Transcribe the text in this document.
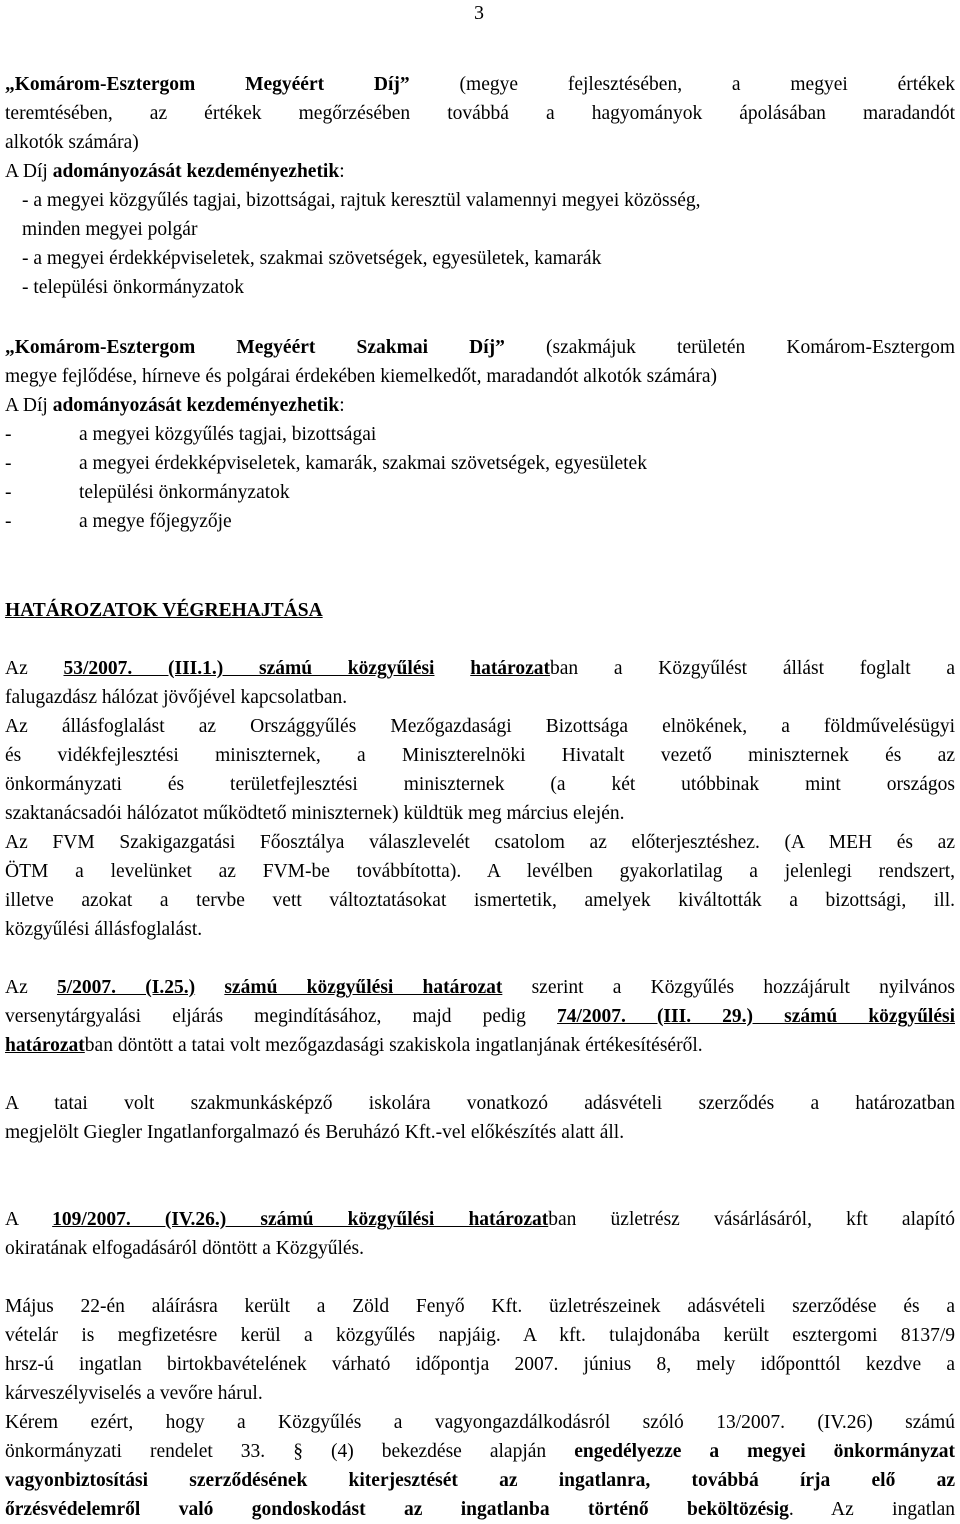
3
„Komárom-Esztergom Megyéért Díj”	(megye fejlesztésében, a megyei értékek
teremtésében, az értékek megőrzésében továbbá a hagyományok ápolásában maradandót
alkotók számára)
A Díj adományozását kezdeményezhetik:
- a megyei közgyűlés tagjai, bizottságai, rajtuk keresztül valamennyi megyei közösség,
minden megyei polgár
- a megyei érdekképviseletek, szakmai szövetségek, egyesületek, kamarák
- települési önkormányzatok
„Komárom-Esztergom Megyéért Szakmai Díj” (szakmájuk területén Komárom-Esztergom
megye fejlődése, hírneve és polgárai érdekében kiemelkedőt, maradandót alkotók számára)
A Díj adományozását kezdeményezhetik:
-	a megyei közgyűlés tagjai, bizottságai
-	a megyei érdekképviseletek, kamarák, szakmai szövetségek, egyesületek
-	települési önkormányzatok
-	a megye főjegyzője
HATÁROZATOK VÉGREHAJTÁSA
Az 53/2007. (III.1.) számú közgyűlési határozatban a Közgyűlést állást foglalt a
falugazdász hálózat jövőjével kapcsolatban.
Az állásfoglalást az Országgyűlés Mezőgazdasági Bizottsága elnökének, a földművelésügyi
és vidékfejlesztési miniszternek, a Miniszterelnöki Hivatalt vezető miniszternek és az
önkormányzati és területfejlesztési miniszternek (a két utóbbinak mint országos
szaktanácsadói hálózatot működtető miniszternek) küldtük meg március elején.
Az FVM Szakigazgatási Főosztálya válaszlevelét csatolom az előterjesztéshez. (A MEH és az
ÖTM a levelünket az FVM-be továbbította). A levélben gyakorlatilag a jelenlegi rendszert,
illetve azokat a tervbe vett változtatásokat ismertetik, amelyek kiváltották a bizottsági, ill.
közgyűlési állásfoglalást.
Az 5/2007. (I.25.) számú közgyűlési határozat szerint a Közgyűlés hozzájárult nyilvános
versenytárgyalási eljárás megindításához, majd pedig 74/2007. (III. 29.) számú közgyűlési
határozatban döntött a tatai volt mezőgazdasági szakiskola ingatlanjának értékesítéséről.
A tatai volt szakmunkásképző iskolára vonatkozó adásvételi szerződés a határozatban
megjelölt Giegler Ingatlanforgalmazó és Beruházó Kft.-vel előkészítés alatt áll.
A 109/2007. (IV.26.) számú közgyűlési határozatban üzletrész vásárlásáról, kft alapító
okiratának elfogadásáról döntött a Közgyűlés.
Május 22-én aláírásra került a Zöld Fenyő Kft. üzletrészeinek adásvételi szerződése és a
vételár is megfizetésre kerül a közgyűlés napjáig. A kft. tulajdonába került esztergomi 8137/9
hrsz-ú ingatlan birtokbavételének várható időpontja 2007. június 8, mely időponttól kezdve a
kárveszélyviselés a vevőre hárul.
Kérem ezért, hogy a Közgyűlés a vagyongazdálkodásról szóló 13/2007. (IV.26) számú
önkormányzati rendelet 33. § (4) bekezdése alapján engedélyezze a megyei önkormányzat
vagyonbiztosítási szerződésének kiterjesztését az ingatlanra, továbbá írja elő az
őrzésvédelemről való gondoskodást az ingatlanba történő beköltözésig. Az ingatlan
